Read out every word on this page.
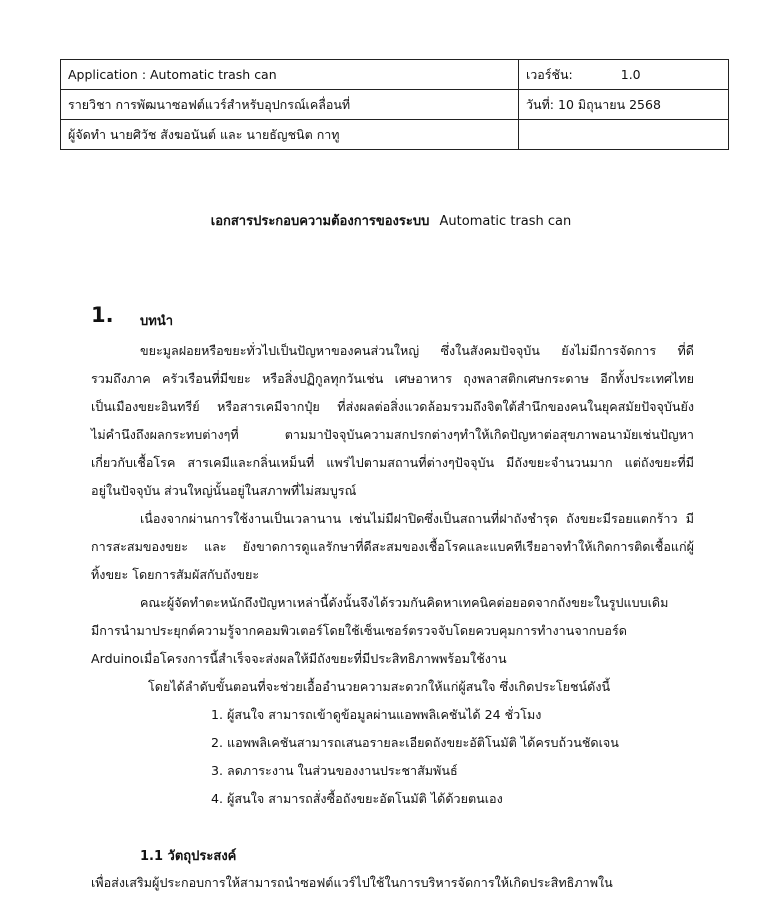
Application : Automatic trash can	เวอร์ชัน: 1.0
รายวิชา การพัฒนาซอฟต์แวร์สำหรับอุปกรณ์เคลื่อนที่	วันที่: 10 มิถุนายน 2568
ผู้จัดทำ นายศิวัช สังฆอนันต์ และ นายธัญชนิต กาทู	
เอกสารประกอบความต้องการของระบบ Automatic trash can
1. บทนำ
ขยะมูลฝอยหรือขยะทั่วไปเป็นปัญหาของคนส่วนใหญ่ ซึ่งในสังคมปัจจุบัน ยังไม่มีการจัดการ ที่ดี
รวมถึงภาค ครัวเรือนที่มีขยะ หรือสิ่งปฏิกูลทุกวันเช่น เศษอาหาร ถุงพลาสติกเศษกระดาษ อีกทั้งประเทศไทย
เป็นเมืองขยะอินทรีย์ หรือสารเคมีจากปุ๋ย ที่ส่งผลต่อสิ่งแวดล้อมรวมถึงจิตใต้สำนึกของคนในยุคสมัยปัจจุบันยัง
ไม่คำนึงถึงผลกระทบต่างๆที่ ตามมาปัจจุบันความสกปรกต่างๆทำให้เกิดปัญหาต่อสุขภาพอนามัยเช่นปัญหา
เกี่ยวกับเชื้อโรค สารเคมีและกลิ่นเหม็นที่ แพร่ไปตามสถานที่ต่างๆปัจจุบัน มีถังขยะจำนวนมาก แต่ถังขยะที่มี
อยู่ในปัจจุบัน ส่วนใหญ่นั้นอยู่ในสภาพที่ไม่สมบูรณ์
เนื่องจากผ่านการใช้งานเป็นเวลานาน เช่นไม่มีฝาปิดซึ่งเป็นสถานที่ฝาถังชำรุด ถังขยะมีรอยแตกร้าว มี
การสะสมของขยะ และ ยังขาดการดูแลรักษาที่ดีสะสมของเชื้อโรคและแบคทีเรียอาจทำให้เกิดการติดเชื้อแก่ผู้
ทิ้งขยะ โดยการสัมผัสกับถังขยะ
คณะผู้จัดทำตะหนักถึงปัญหาเหล่านี้ดังนั้นจึงได้รวมกันคิดหาเทคนิคต่อยอดจากถังขยะในรูปแบบเดิม
มีการนำมาประยุกต์ความรู้จากคอมพิวเตอร์โดยใช้เซ็นเซอร์ตรวจจับโดยควบคุมการทำงานจากบอร์ด
Arduinoเมื่อโครงการนี้สำเร็จจะส่งผลให้มีถังขยะที่มีประสิทธิภาพพร้อมใช้งาน
โดยได้ลำดับขั้นตอนที่จะช่วยเอื้ออำนวยความสะดวกให้แก่ผู้สนใจ ซึ่งเกิดประโยชน์ดังนี้
1. ผู้สนใจ สามารถเข้าดูข้อมูลผ่านแอพพลิเคชันได้ 24 ชั่วโมง
2. แอพพลิเคชันสามารถเสนอรายละเอียดถังขยะอัติโนมัติ ได้ครบถ้วนชัดเจน
3. ลดภาระงาน ในส่วนของงานประชาสัมพันธ์
4. ผู้สนใจ สามารถสั่งซื้อถังขยะอัตโนมัติ ได้ด้วยตนเอง
1.1 วัตถุประสงค์
เพื่อส่งเสริมผู้ประกอบการให้สามารถนำซอฟต์แวร์ไปใช้ในการบริหารจัดการให้เกิดประสิทธิภาพใน
